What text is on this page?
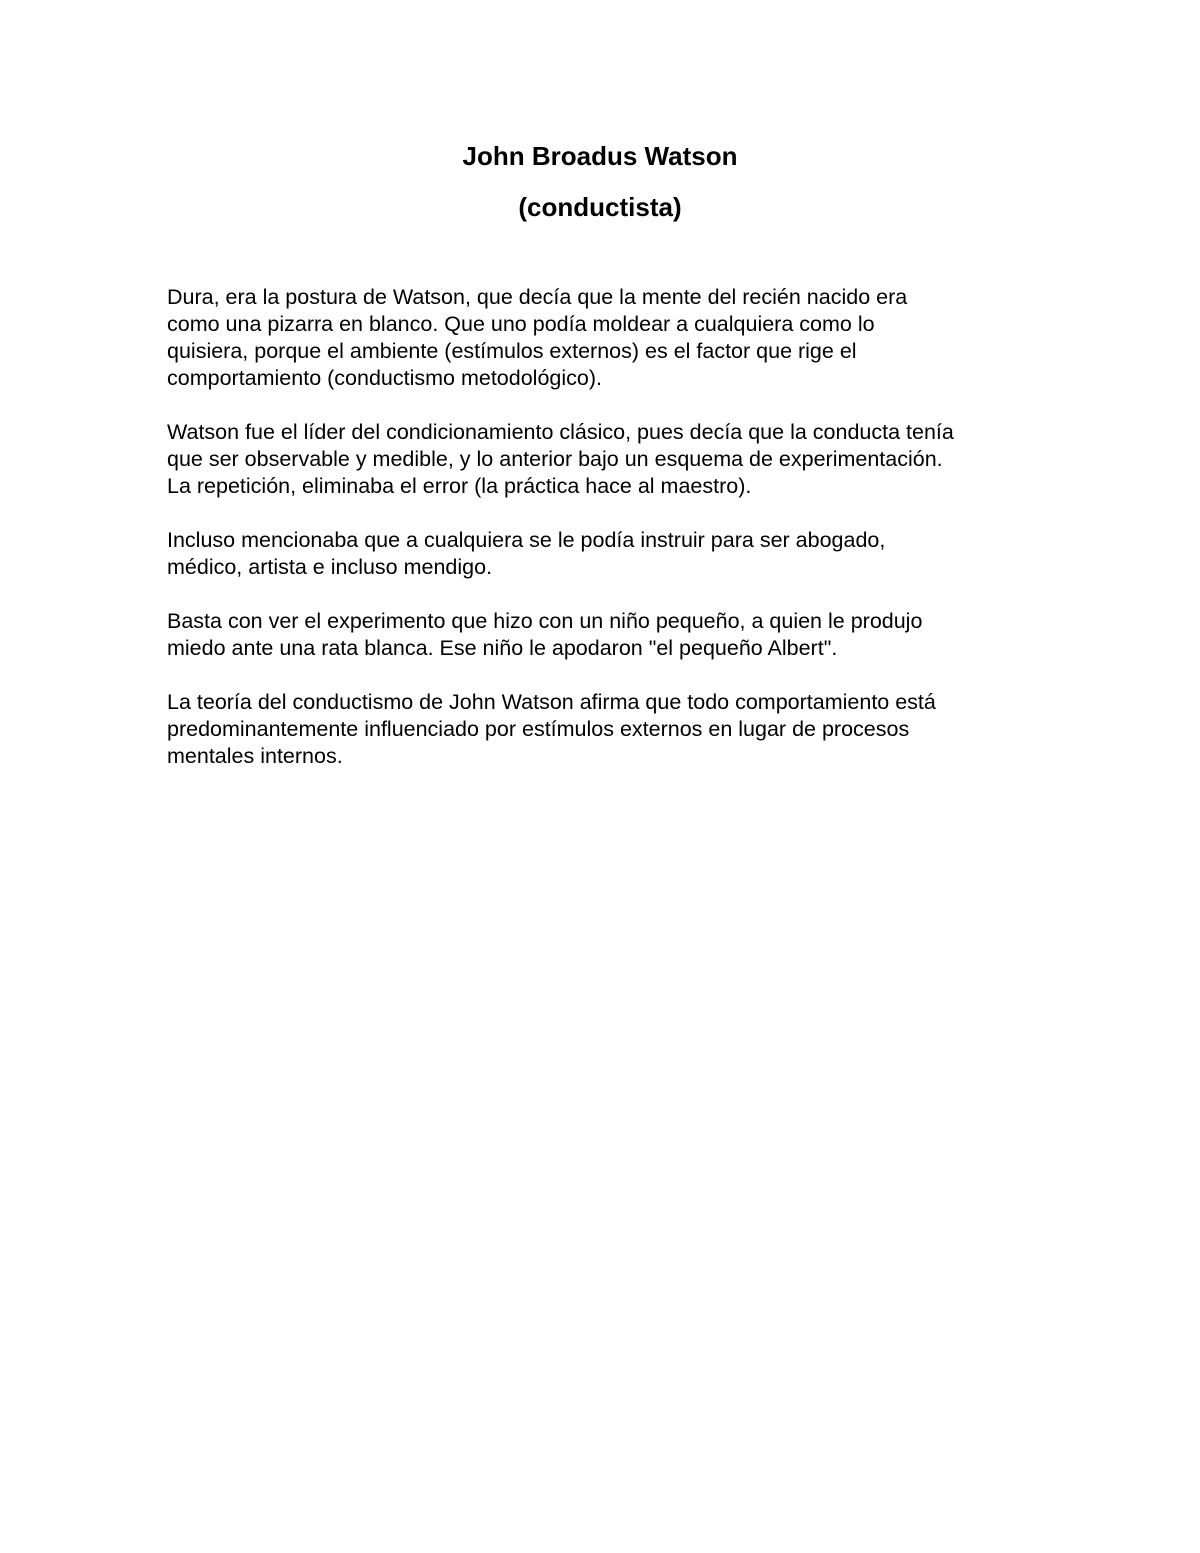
John Broadus Watson
(conductista)

Dura, era la postura de Watson, que decía que la mente del recién nacido era
como una pizarra en blanco. Que uno podía moldear a cualquiera como lo
quisiera, porque el ambiente (estímulos externos) es el factor que rige el
comportamiento (conductismo metodológico).

Watson fue el líder del condicionamiento clásico, pues decía que la conducta tenía
que ser observable y medible, y lo anterior bajo un esquema de experimentación.
La repetición, eliminaba el error (la práctica hace al maestro).

Incluso mencionaba que a cualquiera se le podía instruir para ser abogado,
médico, artista e incluso mendigo.

Basta con ver el experimento que hizo con un niño pequeño, a quien le produjo
miedo ante una rata blanca. Ese niño le apodaron "el pequeño Albert".

La teoría del conductismo de John Watson afirma que todo comportamiento está
predominantemente influenciado por estímulos externos en lugar de procesos
mentales internos.
